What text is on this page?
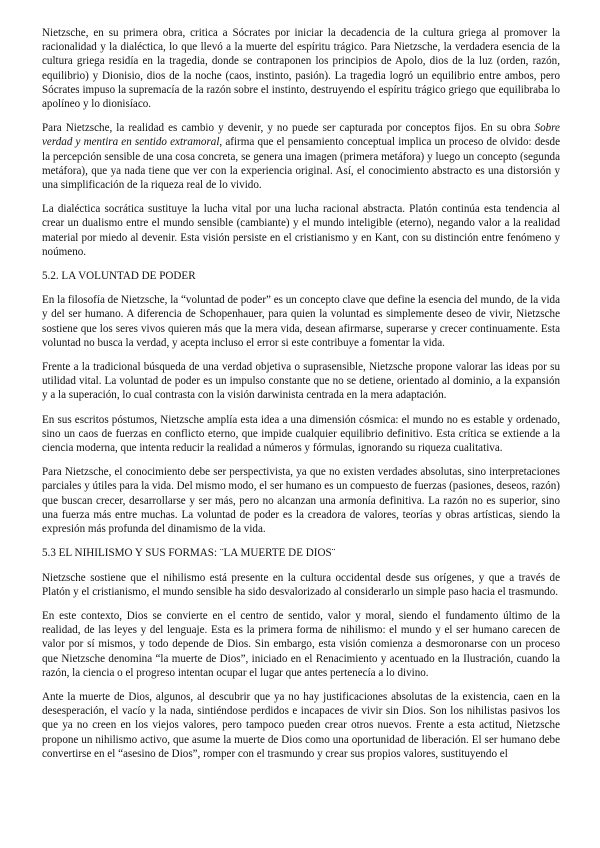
Nietzsche, en su primera obra, critica a Sócrates por iniciar la decadencia de la cultura griega al promover la racionalidad y la dialéctica, lo que llevó a la muerte del espíritu trágico. Para Nietzsche, la verdadera esencia de la cultura griega residía en la tragedia, donde se contraponen los principios de Apolo, dios de la luz (orden, razón, equilibrio) y Dionisio, dios de la noche (caos, instinto, pasión). La tragedia logró un equilibrio entre ambos, pero Sócrates impuso la supremacía de la razón sobre el instinto, destruyendo el espíritu trágico griego que equilibraba lo apolíneo y lo dionisíaco.

Para Nietzsche, la realidad es cambio y devenir, y no puede ser capturada por conceptos fijos. En su obra Sobre verdad y mentira en sentido extramoral, afirma que el pensamiento conceptual implica un proceso de olvido: desde la percepción sensible de una cosa concreta, se genera una imagen (primera metáfora) y luego un concepto (segunda metáfora), que ya nada tiene que ver con la experiencia original. Así, el conocimiento abstracto es una distorsión y una simplificación de la riqueza real de lo vivido.

La dialéctica socrática sustituye la lucha vital por una lucha racional abstracta. Platón continúa esta tendencia al crear un dualismo entre el mundo sensible (cambiante) y el mundo inteligible (eterno), negando valor a la realidad material por miedo al devenir. Esta visión persiste en el cristianismo y en Kant, con su distinción entre fenómeno y noúmeno.

5.2. LA VOLUNTAD DE PODER

En la filosofía de Nietzsche, la “voluntad de poder” es un concepto clave que define la esencia del mundo, de la vida y del ser humano. A diferencia de Schopenhauer, para quien la voluntad es simplemente deseo de vivir, Nietzsche sostiene que los seres vivos quieren más que la mera vida, desean afirmarse, superarse y crecer continuamente. Esta voluntad no busca la verdad, y acepta incluso el error si este contribuye a fomentar la vida.

Frente a la tradicional búsqueda de una verdad objetiva o suprasensible, Nietzsche propone valorar las ideas por su utilidad vital. La voluntad de poder es un impulso constante que no se detiene, orientado al dominio, a la expansión y a la superación, lo cual contrasta con la visión darwinista centrada en la mera adaptación.

En sus escritos póstumos, Nietzsche amplía esta idea a una dimensión cósmica: el mundo no es estable y ordenado, sino un caos de fuerzas en conflicto eterno, que impide cualquier equilibrio definitivo. Esta crítica se extiende a la ciencia moderna, que intenta reducir la realidad a números y fórmulas, ignorando su riqueza cualitativa.

Para Nietzsche, el conocimiento debe ser perspectivista, ya que no existen verdades absolutas, sino interpretaciones parciales y útiles para la vida. Del mismo modo, el ser humano es un compuesto de fuerzas (pasiones, deseos, razón) que buscan crecer, desarrollarse y ser más, pero no alcanzan una armonía definitiva. La razón no es superior, sino una fuerza más entre muchas. La voluntad de poder es la creadora de valores, teorías y obras artísticas, siendo la expresión más profunda del dinamismo de la vida.

5.3 EL NIHILISMO Y SUS FORMAS: ¨LA MUERTE DE DIOS¨

Nietzsche sostiene que el nihilismo está presente en la cultura occidental desde sus orígenes, y que a través de Platón y el cristianismo, el mundo sensible ha sido desvalorizado al considerarlo un simple paso hacia el trasmundo.

En este contexto, Dios se convierte en el centro de sentido, valor y moral, siendo el fundamento último de la realidad, de las leyes y del lenguaje. Esta es la primera forma de nihilismo: el mundo y el ser humano carecen de valor por sí mismos, y todo depende de Dios. Sin embargo, esta visión comienza a desmoronarse con un proceso que Nietzsche denomina “la muerte de Dios”, iniciado en el Renacimiento y acentuado en la Ilustración, cuando la razón, la ciencia o el progreso intentan ocupar el lugar que antes pertenecía a lo divino.

Ante la muerte de Dios, algunos, al descubrir que ya no hay justificaciones absolutas de la existencia, caen en la desesperación, el vacío y la nada, sintiéndose perdidos e incapaces de vivir sin Dios. Son los nihilistas pasivos los que ya no creen en los viejos valores, pero tampoco pueden crear otros nuevos. Frente a esta actitud, Nietzsche propone un nihilismo activo, que asume la muerte de Dios como una oportunidad de liberación. El ser humano debe convertirse en el “asesino de Dios”, romper con el trasmundo y crear sus propios valores, sustituyendo el
